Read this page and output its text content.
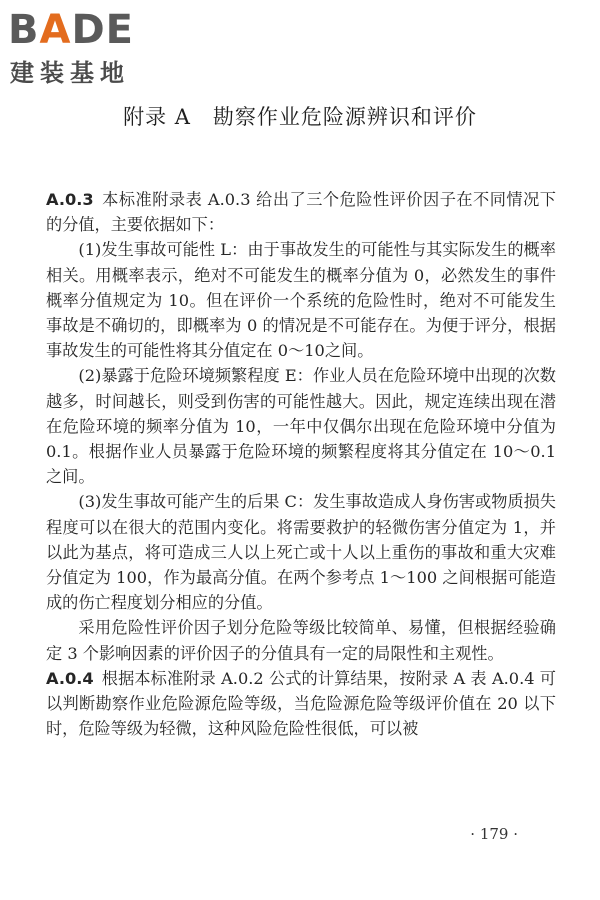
BADE
建装基地
附录 A　勘察作业危险源辨识和评价

A.0.3 本标准附录表 A.0.3 给出了三个危险性评价因子在不同情况下的分值，主要依据如下：

(1)发生事故可能性 L：由于事故发生的可能性与其实际发生的概率相关。用概率表示，绝对不可能发生的概率分值为 0，必然发生的事件概率分值规定为 10。但在评价一个系统的危险性时，绝对不可能发生事故是不确切的，即概率为 0 的情况是不可能存在。为便于评分，根据事故发生的可能性将其分值定在 0～10之间。

(2)暴露于危险环境频繁程度 E：作业人员在危险环境中出现的次数越多，时间越长，则受到伤害的可能性越大。因此，规定连续出现在潜在危险环境的频率分值为 10，一年中仅偶尔出现在危险环境中分值为 0.1。根据作业人员暴露于危险环境的频繁程度将其分值定在 10～0.1 之间。

(3)发生事故可能产生的后果 C：发生事故造成人身伤害或物质损失程度可以在很大的范围内变化。将需要救护的轻微伤害分值定为 1，并以此为基点，将可造成三人以上死亡或十人以上重伤的事故和重大灾难分值定为 100，作为最高分值。在两个参考点 1～100 之间根据可能造成的伤亡程度划分相应的分值。

采用危险性评价因子划分危险等级比较简单、易懂，但根据经验确定 3 个影响因素的评价因子的分值具有一定的局限性和主观性。

A.0.4 根据本标准附录 A.0.2 公式的计算结果，按附录 A 表 A.0.4 可以判断勘察作业危险源危险等级，当危险源危险等级评价值在 20 以下时，危险等级为轻微，这种风险危险性很低，可以被

· 179 ·
